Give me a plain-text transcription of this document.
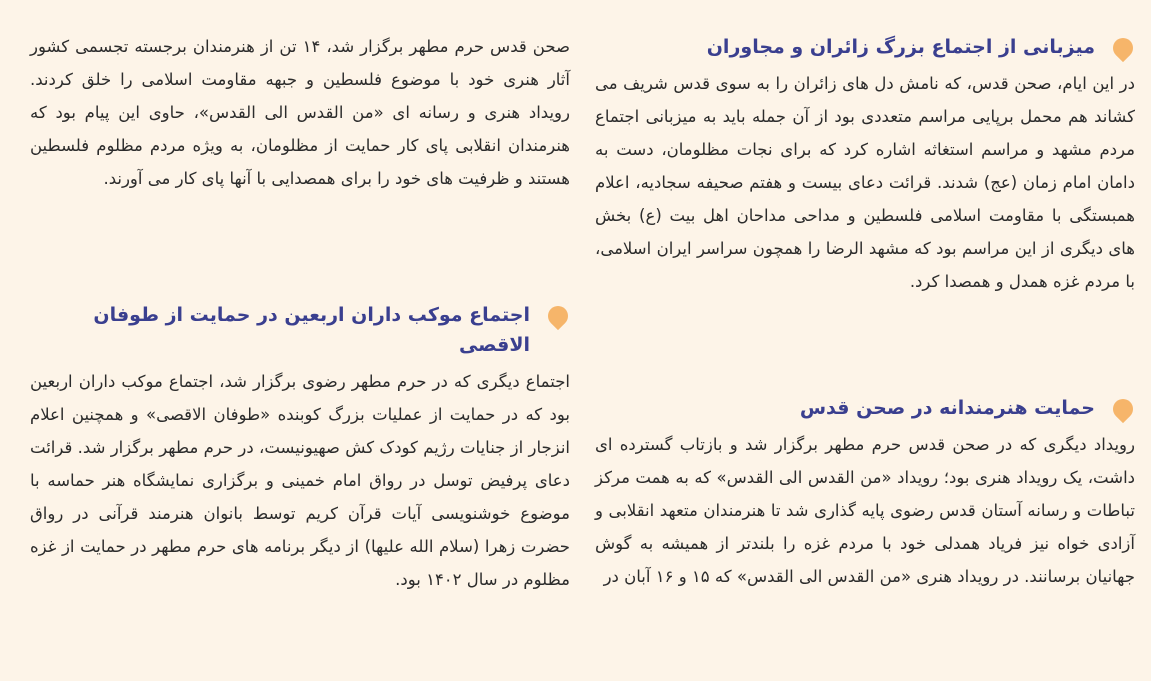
میزبانی از اجتماع بزرگ زائران و مجاوران

در این ایام، صحن قدس، که نامش دل های زائران را به سوی قدس شریف می کشاند هم محمل برپایی مراسم متعددی بود از آن جمله باید به میزبانی اجتماع مردم مشهد و مراسم استغاثه اشاره کرد که برای نجات مظلومان، دست به دامان امام زمان (عج) شدند. قرائت دعای بیست و هفتم صحیفه سجادیه، اعلام همبستگی با مقاومت اسلامی فلسطین و مداحی مداحان اهل بیت (ع) بخش های دیگری از این مراسم بود که مشهد الرضا را همچون سراسر ایران اسلامی، با مردم غزه همدل و همصدا کرد.

حمایت هنرمندانه در صحن قدس

رویداد دیگری که در صحن قدس حرم مطهر برگزار شد و بازتاب گسترده ای داشت، یک رویداد هنری بود؛ رویداد «من القدس الی القدس» که به همت مرکز تباطات و رسانه آستان قدس رضوی پایه گذاری شد تا هنرمندان متعهد انقلابی و آزادی خواه نیز فریاد همدلی خود با مردم غزه را بلندتر از همیشه به گوش جهانیان برسانند. در رویداد هنری «من القدس الی القدس» که ۱۵ و ۱۶ آبان در

صحن قدس حرم مطهر برگزار شد، ۱۴ تن از هنرمندان برجسته تجسمی کشور آثار هنری خود با موضوع فلسطین و جبهه مقاومت اسلامی را خلق کردند. رویداد هنری و رسانه ای «من القدس الی القدس»، حاوی این پیام بود که هنرمندان انقلابی پای کار حمایت از مظلومان، به ویژه مردم مظلوم فلسطین هستند و ظرفیت های خود را برای همصدایی با آنها پای کار می آورند.

اجتماع موکب داران اربعین در حمایت از طوفان الاقصی

اجتماع دیگری که در حرم مطهر رضوی برگزار شد، اجتماع موکب داران اربعین بود که در حمایت از عملیات بزرگ کوبنده «طوفان الاقصی» و همچنین اعلام انزجار از جنایات رژیم کودک کش صهیونیست، در حرم مطهر برگزار شد. قرائت دعای پرفیض توسل در رواق امام خمینی و برگزاری نمایشگاه هنر حماسه با موضوع خوشنویسی آیات قرآن کریم توسط بانوان هنرمند قرآنی در رواق حضرت زهرا (سلام الله علیها) از دیگر برنامه های حرم مطهر در حمایت از غزه مظلوم در سال ۱۴۰۲ بود.
